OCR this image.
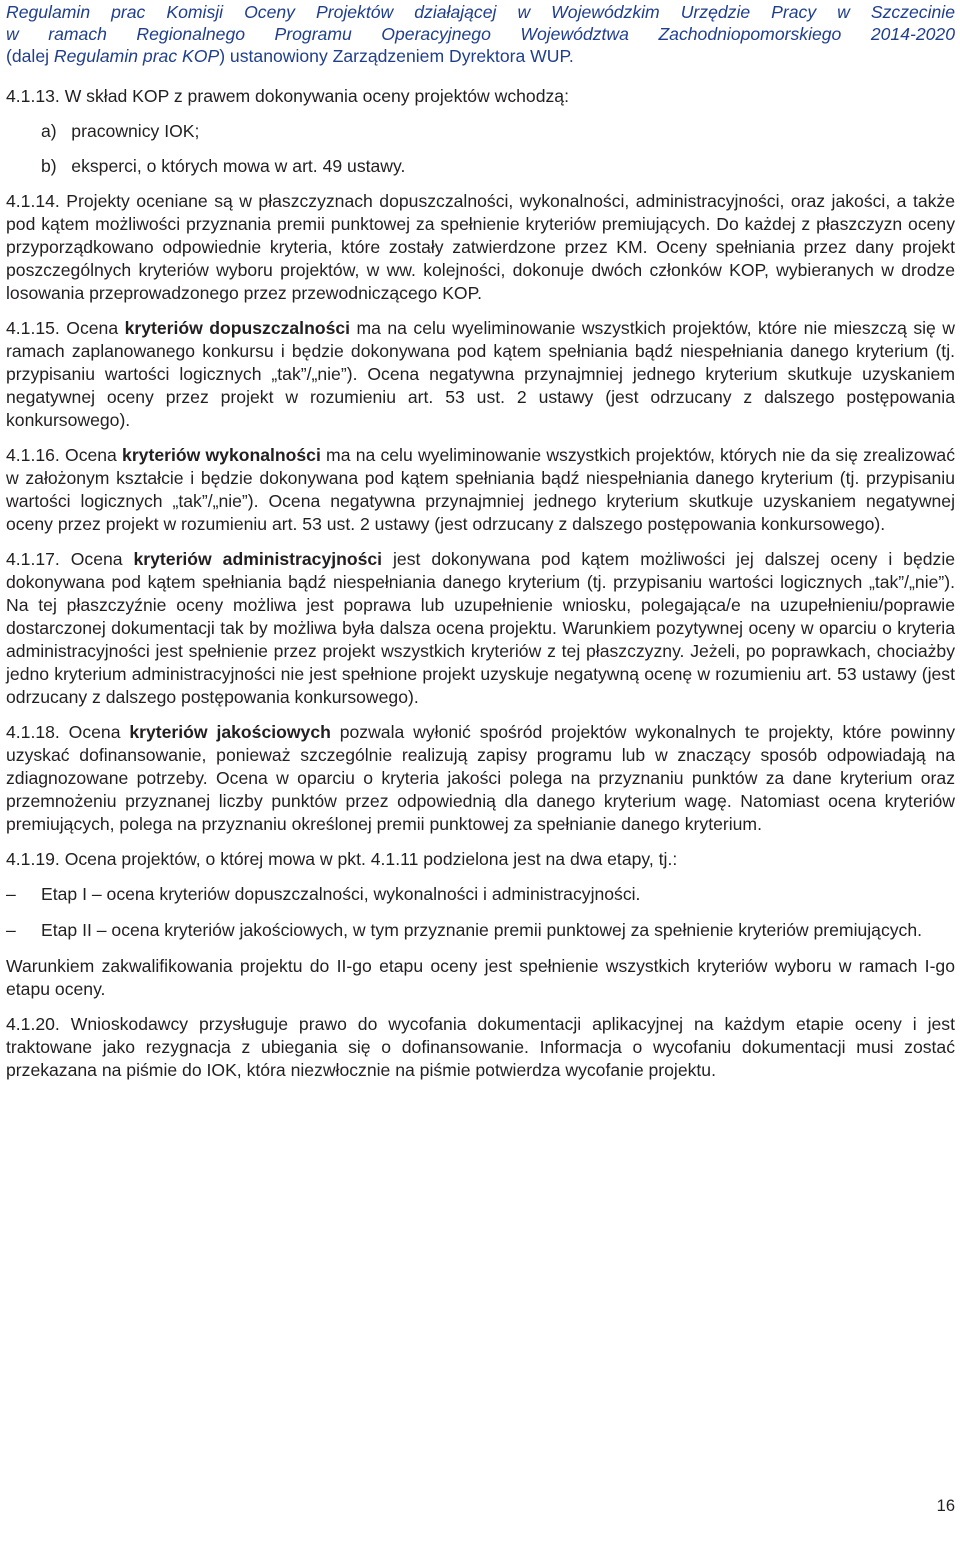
Regulamin prac Komisji Oceny Projektów działającej w Wojewódzkim Urzędzie Pracy w Szczecinie
w ramach Regionalnego Programu Operacyjnego Województwa Zachodniopomorskiego 2014-2020
(dalej Regulamin prac KOP) ustanowiony Zarządzeniem Dyrektora WUP.

4.1.13. W skład KOP z prawem dokonywania oceny projektów wchodzą:

a)   pracownicy IOK;

b)   eksperci, o których mowa w art. 49 ustawy.

4.1.14. Projekty oceniane są w płaszczyznach dopuszczalności, wykonalności, administracyjności, oraz jakości, a także pod kątem możliwości przyznania premii punktowej za spełnienie kryteriów premiujących. Do każdej z płaszczyzn oceny przyporządkowano odpowiednie kryteria, które zostały zatwierdzone przez KM. Oceny spełniania przez dany projekt poszczególnych kryteriów wyboru projektów, w ww. kolejności, dokonuje dwóch członków KOP, wybieranych w drodze losowania przeprowadzonego przez przewodniczącego KOP.

4.1.15. Ocena kryteriów dopuszczalności ma na celu wyeliminowanie wszystkich projektów, które nie mieszczą się w ramach zaplanowanego konkursu i będzie dokonywana pod kątem spełniania bądź niespełniania danego kryterium (tj. przypisaniu wartości logicznych „tak”/„nie”). Ocena negatywna przynajmniej jednego kryterium skutkuje uzyskaniem negatywnej oceny przez projekt w rozumieniu art. 53 ust. 2 ustawy (jest odrzucany z dalszego postępowania konkursowego).

4.1.16. Ocena kryteriów wykonalności ma na celu wyeliminowanie wszystkich projektów, których nie da się zrealizować w założonym kształcie i będzie dokonywana pod kątem spełniania bądź niespełniania danego kryterium (tj. przypisaniu wartości logicznych „tak”/„nie”). Ocena negatywna przynajmniej jednego kryterium skutkuje uzyskaniem negatywnej oceny przez projekt w rozumieniu art. 53 ust. 2 ustawy (jest odrzucany z dalszego postępowania konkursowego).

4.1.17. Ocena kryteriów administracyjności jest dokonywana pod kątem możliwości jej dalszej oceny i będzie dokonywana pod kątem spełniania bądź niespełniania danego kryterium (tj. przypisaniu wartości logicznych „tak”/„nie”). Na tej płaszczyźnie oceny możliwa jest poprawa lub uzupełnienie wniosku, polegająca/e na uzupełnieniu/poprawie dostarczonej dokumentacji tak by możliwa była dalsza ocena projektu. Warunkiem pozytywnej oceny w oparciu o kryteria administracyjności jest spełnienie przez projekt wszystkich kryteriów z tej płaszczyzny. Jeżeli, po poprawkach, chociażby jedno kryterium administracyjności nie jest spełnione projekt uzyskuje negatywną ocenę w rozumieniu art. 53 ustawy (jest odrzucany z dalszego postępowania konkursowego).

4.1.18. Ocena kryteriów jakościowych pozwala wyłonić spośród projektów wykonalnych te projekty, które powinny uzyskać dofinansowanie, ponieważ szczególnie realizują zapisy programu lub w znaczący sposób odpowiadają na zdiagnozowane potrzeby. Ocena w oparciu o kryteria jakości polega na przyznaniu punktów za dane kryterium oraz przemnożeniu przyznanej liczby punktów przez odpowiednią dla danego kryterium wagę. Natomiast ocena kryteriów premiujących, polega na przyznaniu określonej premii punktowej za spełnianie danego kryterium.

4.1.19. Ocena projektów, o której mowa w pkt. 4.1.11 podzielona jest na dwa etapy, tj.:

–	Etap I – ocena kryteriów dopuszczalności, wykonalności i administracyjności.
–	Etap II – ocena kryteriów jakościowych, w tym przyznanie premii punktowej za spełnienie kryteriów premiujących.

Warunkiem zakwalifikowania projektu do II-go etapu oceny jest spełnienie wszystkich kryteriów wyboru w ramach I-go etapu oceny.

4.1.20. Wnioskodawcy przysługuje prawo do wycofania dokumentacji aplikacyjnej na każdym etapie oceny i jest traktowane jako rezygnacja z ubiegania się o dofinansowanie. Informacja o wycofaniu dokumentacji musi zostać przekazana na piśmie do IOK, która niezwłocznie na piśmie potwierdza wycofanie projektu.

16
